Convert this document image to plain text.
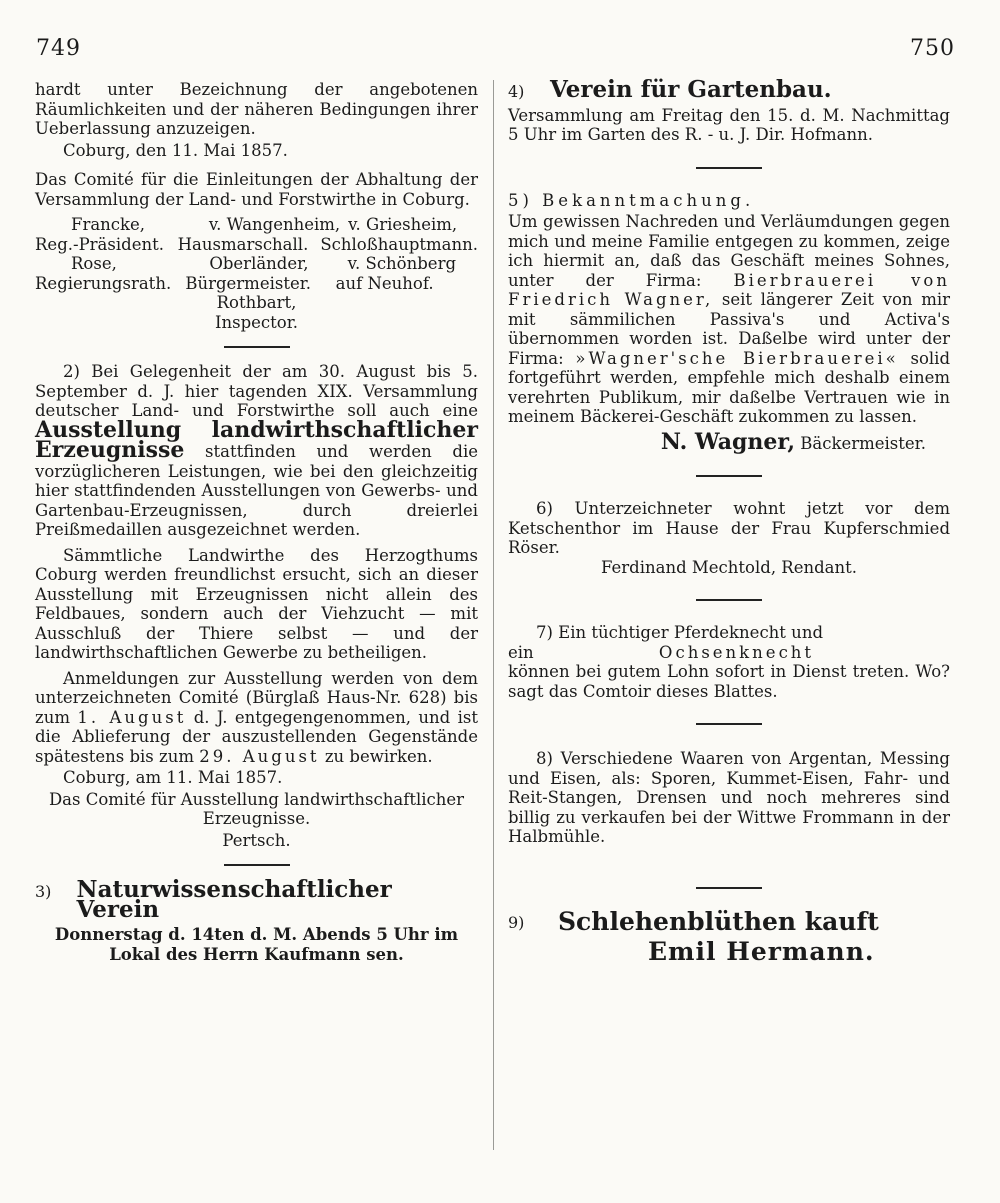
749	750

hardt unter Bezeichnung der angebotenen Räumlichkeiten und der näheren Bedingungen ihrer Ueberlassung anzuzeigen.

Coburg, den 11. Mai 1857.

Das Comité für die Einleitungen der Abhaltung der Versammlung der Land- und Forstwirthe in Coburg.

Francke,	v. Wangenheim, v. Griesheim,
Reg.-Präsident. Hausmarschall. Schloßhauptmann.
Rose,	Oberländer,	v. Schönberg
Regierungsrath. Bürgermeister.	auf Neuhof.
Rothbart,
Inspector.

2) Bei Gelegenheit der am 30. August bis 5. September d. J. hier tagenden XIX. Versammlung deutscher Land- und Forstwirthe soll auch eine Ausstellung landwirthschaftlicher Erzeugnisse stattfinden und werden die vorzüglicheren Leistungen, wie bei den gleichzeitig hier stattfindenden Ausstellungen von Gewerbs- und Gartenbau-Erzeugnissen, durch dreierlei Preißmedaillen ausgezeichnet werden.

Sämmtliche Landwirthe des Herzogthums Coburg werden freundlichst ersucht, sich an dieser Ausstellung mit Erzeugnissen nicht allein des Feldbaues, sondern auch der Viehzucht — mit Ausschluß der Thiere selbst — und der landwirthschaftlichen Gewerbe zu betheiligen.

Anmeldungen zur Ausstellung werden von dem unterzeichneten Comité (Bürglaß Haus-Nr. 628) bis zum 1. August d. J. entgegengenommen, und ist die Ablieferung der auszustellenden Gegenstände spätestens bis zum 29. August zu bewirken.

Coburg, am 11. Mai 1857.

Das Comité für Ausstellung landwirthschaftlicher Erzeugnisse.

Pertsch.

3)	Naturwissenschaftlicher Verein

Donnerstag d. 14ten d. M. Abends 5 Uhr im Lokal des Herrn Kaufmann sen.

4)	Verein für Gartenbau.

Versammlung am Freitag den 15. d. M. Nachmittag 5 Uhr im Garten des R. - u. J. Dir. Hofmann.

5) Bekanntmachung.

Um gewissen Nachreden und Verläumdungen gegen mich und meine Familie entgegen zu kommen, zeige ich hiermit an, daß das Geschäft meines Sohnes, unter der Firma: Bierbrauerei von Friedrich Wagner, seit längerer Zeit von mir mit sämmilichen Passiva's und Activa's übernommen worden ist. Daßelbe wird unter der Firma: »Wagner'sche Bierbrauerei« solid fortgeführt werden, empfehle mich deshalb einem verehrten Publikum, mir daßelbe Vertrauen wie in meinem Bäckerei-Geschäft zukommen zu lassen.

N. Wagner, Bäckermeister.

6) Unterzeichneter wohnt jetzt vor dem Ketschenthor im Hause der Frau Kupferschmied Röser.

Ferdinand Mechtold, Rendant.

7) Ein tüchtiger Pferdeknecht und

ein	Ochsenknecht

können bei gutem Lohn sofort in Dienst treten. Wo? sagt das Comtoir dieses Blattes.

8) Verschiedene Waaren von Argentan, Messing und Eisen, als: Sporen, Kummet-Eisen, Fahr- und Reit-Stangen, Drensen und noch mehreres sind billig zu verkaufen bei der Wittwe Frommann in der Halbmühle.

9)	Schlehenblüthen kauft
Emil Hermann.
